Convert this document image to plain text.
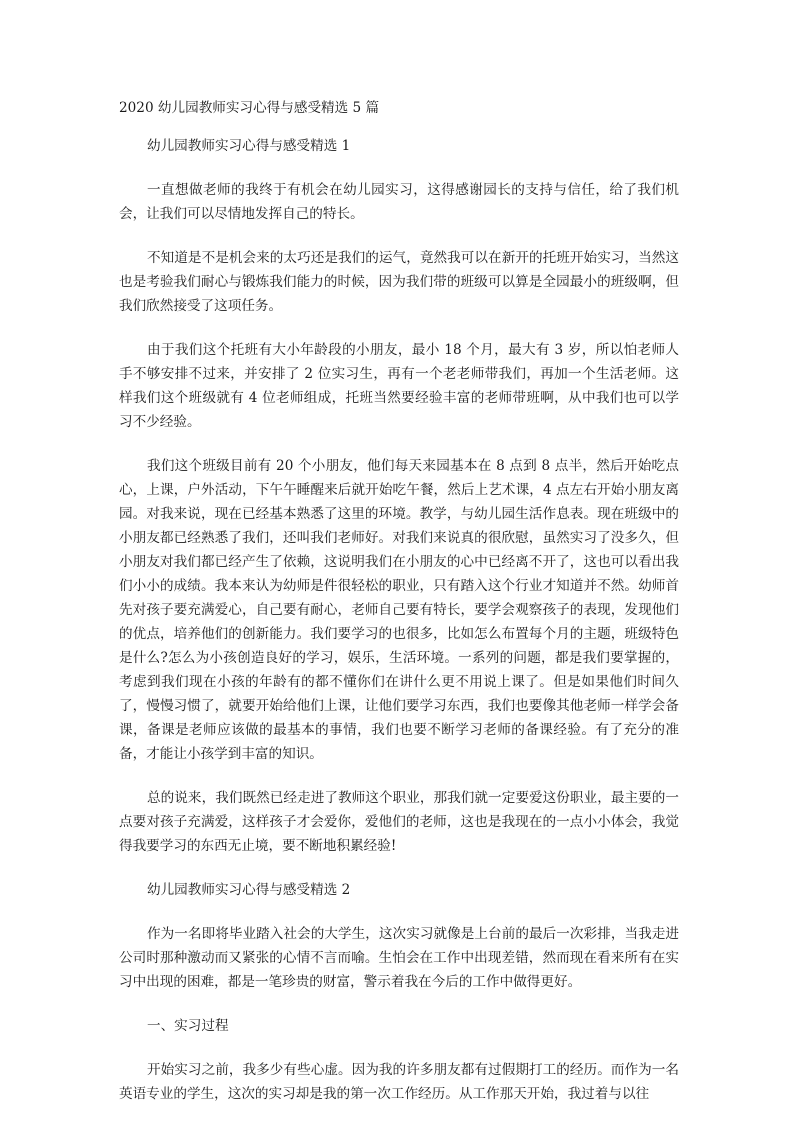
2020 幼儿园教师实习心得与感受精选 5 篇
幼儿园教师实习心得与感受精选 1

一直想做老师的我终于有机会在幼儿园实习，这得感谢园长的支持与信任，给了我们机会，让我们可以尽情地发挥自己的特长。

不知道是不是机会来的太巧还是我们的运气，竟然我可以在新开的托班开始实习，当然这也是考验我们耐心与锻炼我们能力的时候，因为我们带的班级可以算是全园最小的班级啊，但我们欣然接受了这项任务。

由于我们这个托班有大小年龄段的小朋友，最小 18 个月，最大有 3 岁，所以怕老师人手不够安排不过来，并安排了 2 位实习生，再有一个老老师带我们，再加一个生活老师。这样我们这个班级就有 4 位老师组成，托班当然要经验丰富的老师带班啊，从中我们也可以学习不少经验。

我们这个班级目前有 20 个小朋友，他们每天来园基本在 8 点到 8 点半，然后开始吃点心，上课，户外活动，下午午睡醒来后就开始吃午餐，然后上艺术课，4 点左右开始小朋友离园。对我来说，现在已经基本熟悉了这里的环境。教学，与幼儿园生活作息表。现在班级中的小朋友都已经熟悉了我们，还叫我们老师好。对我们来说真的很欣慰，虽然实习了没多久，但小朋友对我们都已经产生了依赖，这说明我们在小朋友的心中已经离不开了，这也可以看出我们小小的成绩。我本来认为幼师是件很轻松的职业，只有踏入这个行业才知道并不然。幼师首先对孩子要充满爱心，自己要有耐心，老师自己要有特长，要学会观察孩子的表现，发现他们的优点，培养他们的创新能力。我们要学习的也很多，比如怎么布置每个月的主题，班级特色是什么?怎么为小孩创造良好的学习，娱乐，生活环境。一系列的问题，都是我们要掌握的，考虑到我们现在小孩的年龄有的都不懂你们在讲什么更不用说上课了。但是如果他们时间久了，慢慢习惯了，就要开始给他们上课，让他们要学习东西，我们也要像其他老师一样学会备课，备课是老师应该做的最基本的事情，我们也要不断学习老师的备课经验。有了充分的准备，才能让小孩学到丰富的知识。

总的说来，我们既然已经走进了教师这个职业，那我们就一定要爱这份职业，最主要的一点要对孩子充满爱，这样孩子才会爱你，爱他们的老师，这也是我现在的一点小小体会，我觉得我要学习的东西无止境，要不断地积累经验!

幼儿园教师实习心得与感受精选 2

作为一名即将毕业踏入社会的大学生，这次实习就像是上台前的最后一次彩排，当我走进公司时那种激动而又紧张的心情不言而喻。生怕会在工作中出现差错，然而现在看来所有在实习中出现的困难，都是一笔珍贵的财富，警示着我在今后的工作中做得更好。

一、实习过程

开始实习之前，我多少有些心虚。因为我的许多朋友都有过假期打工的经历。而作为一名英语专业的学生，这次的实习却是我的第一次工作经历。从工作那天开始，我过着与以往
